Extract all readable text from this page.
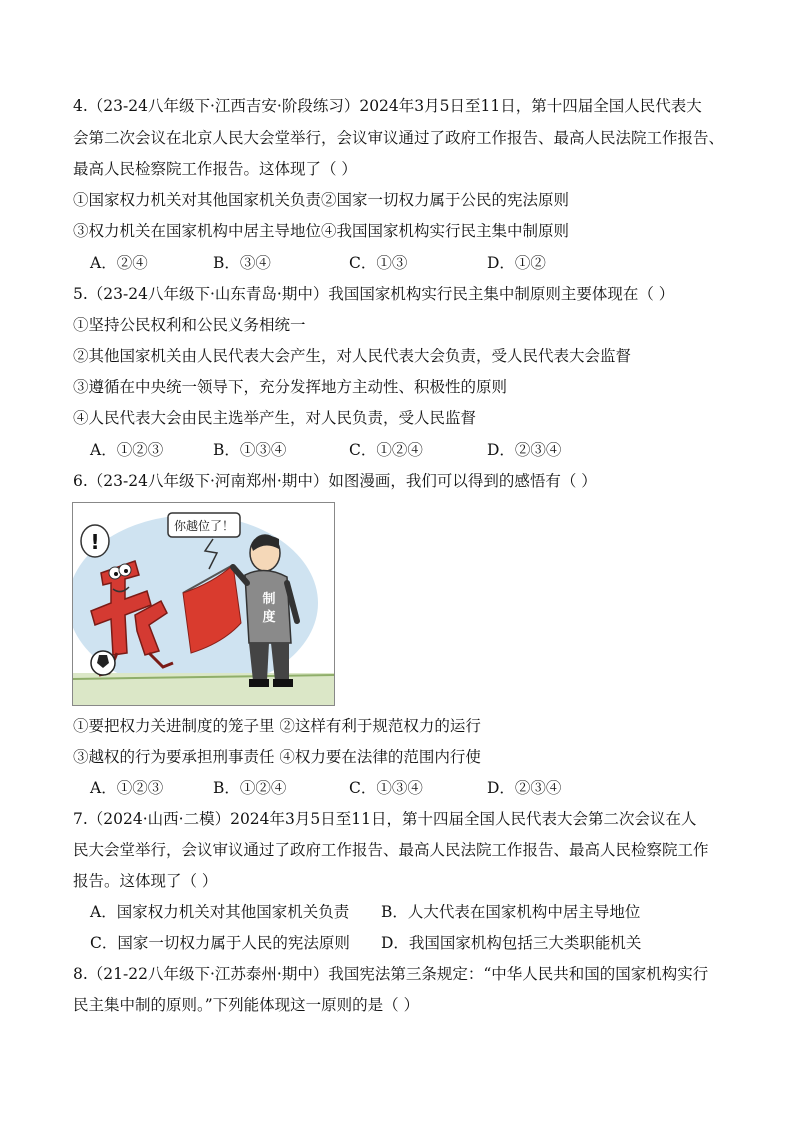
4.（23-24八年级下·江西吉安·阶段练习）2024年3月5日至11日，第十四届全国人民代表大
会第二次会议在北京人民大会堂举行，会议审议通过了政府工作报告、最高人民法院工作报告、
最高人民检察院工作报告。这体现了（ ）
①国家权力机关对其他国家机关负责②国家一切权力属于公民的宪法原则
③权力机关在国家机构中居主导地位④我国国家机构实行民主集中制原则
A．②④	B．③④	C．①③	D．①②
5.（23-24八年级下·山东青岛·期中）我国国家机构实行民主集中制原则主要体现在（ ）
①坚持公民权利和公民义务相统一
②其他国家机关由人民代表大会产生，对人民代表大会负责，受人民代表大会监督
③遵循在中央统一领导下，充分发挥地方主动性、积极性的原则
④人民代表大会由民主选举产生，对人民负责，受人民监督
A．①②③	B．①③④	C．①②④	D．②③④
6.（23-24八年级下·河南郑州·期中）如图漫画，我们可以得到的感悟有（ ）
你越位了！
!
制
度
①要把权力关进制度的笼子里 ②这样有利于规范权力的运行
③越权的行为要承担刑事责任 ④权力要在法律的范围内行使
A．①②③	B．①②④	C．①③④	D．②③④
7.（2024·山西·二模）2024年3月5日至11日，第十四届全国人民代表大会第二次会议在人
民大会堂举行，会议审议通过了政府工作报告、最高人民法院工作报告、最高人民检察院工作
报告。这体现了（ ）
A．国家权力机关对其他国家机关负责 B．人大代表在国家机构中居主导地位
C．国家一切权力属于人民的宪法原则 D．我国国家机构包括三大类职能机关
8.（21-22八年级下·江苏泰州·期中）我国宪法第三条规定：“中华人民共和国的国家机构实行
民主集中制的原则。”下列能体现这一原则的是（ ）
